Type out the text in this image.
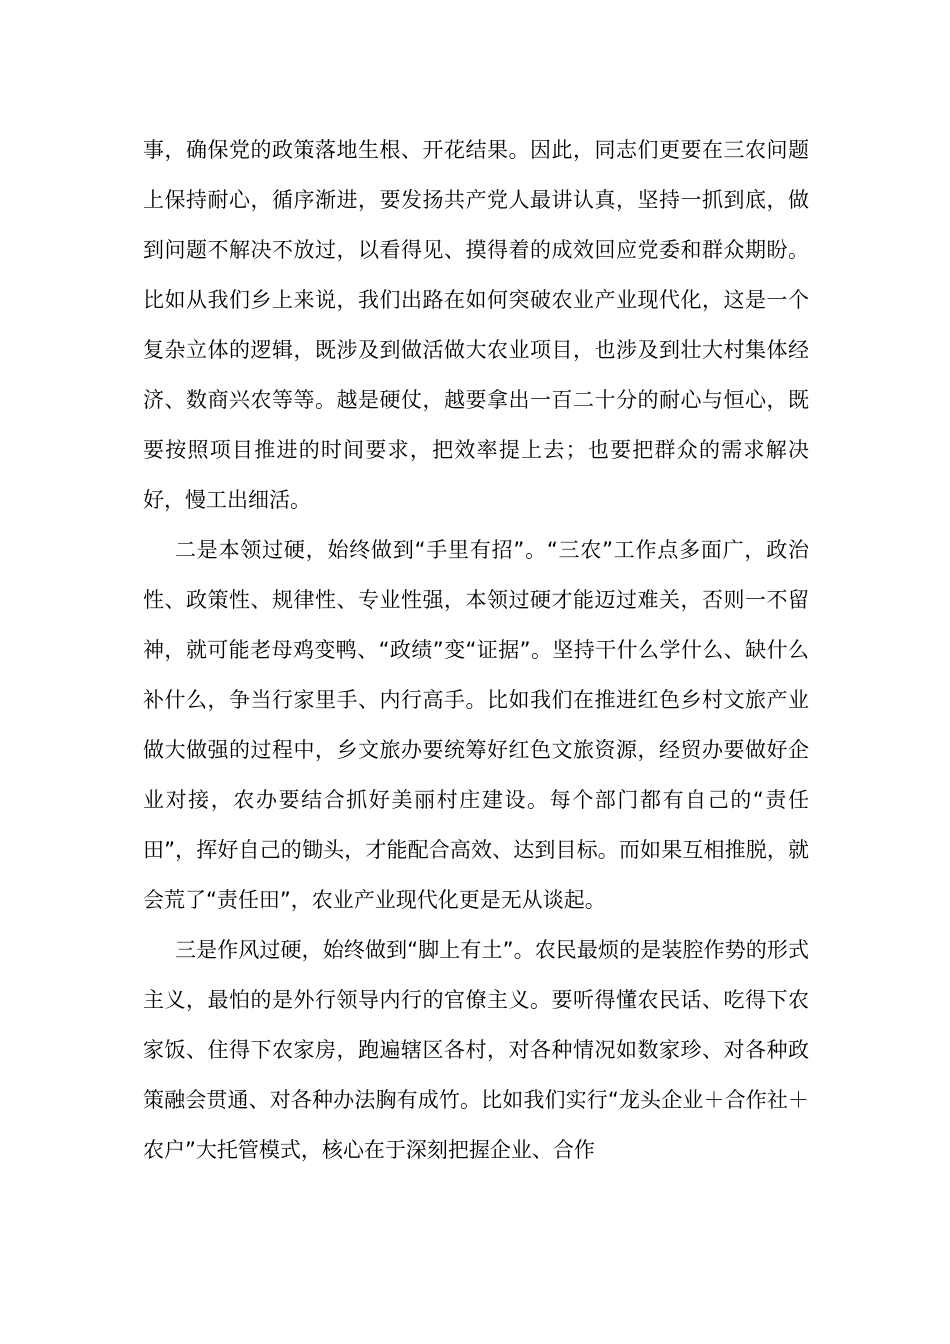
事，确保党的政策落地生根、开花结果。因此，同志们更要在三农问题上保持耐心，循序渐进，要发扬共产党人最讲认真，坚持一抓到底，做到问题不解决不放过，以看得见、摸得着的成效回应党委和群众期盼。比如从我们乡上来说，我们出路在如何突破农业产业现代化，这是一个复杂立体的逻辑，既涉及到做活做大农业项目，也涉及到壮大村集体经济、数商兴农等等。越是硬仗，越要拿出一百二十分的耐心与恒心，既要按照项目推进的时间要求，把效率提上去；也要把群众的需求解决好，慢工出细活。

二是本领过硬，始终做到“手里有招”。“三农”工作点多面广，政治性、政策性、规律性、专业性强，本领过硬才能迈过难关，否则一不留神，就可能老母鸡变鸭、“政绩”变“证据”。坚持干什么学什么、缺什么补什么，争当行家里手、内行高手。比如我们在推进红色乡村文旅产业做大做强的过程中，乡文旅办要统筹好红色文旅资源，经贸办要做好企业对接，农办要结合抓好美丽村庄建设。每个部门都有自己的“责任田”，挥好自己的锄头，才能配合高效、达到目标。而如果互相推脱，就会荒了“责任田”，农业产业现代化更是无从谈起。

三是作风过硬，始终做到“脚上有土”。农民最烦的是装腔作势的形式主义，最怕的是外行领导内行的官僚主义。要听得懂农民话、吃得下农家饭、住得下农家房，跑遍辖区各村，对各种情况如数家珍、对各种政策融会贯通、对各种办法胸有成竹。比如我们实行“龙头企业＋合作社＋农户”大托管模式，核心在于深刻把握企业、合作
